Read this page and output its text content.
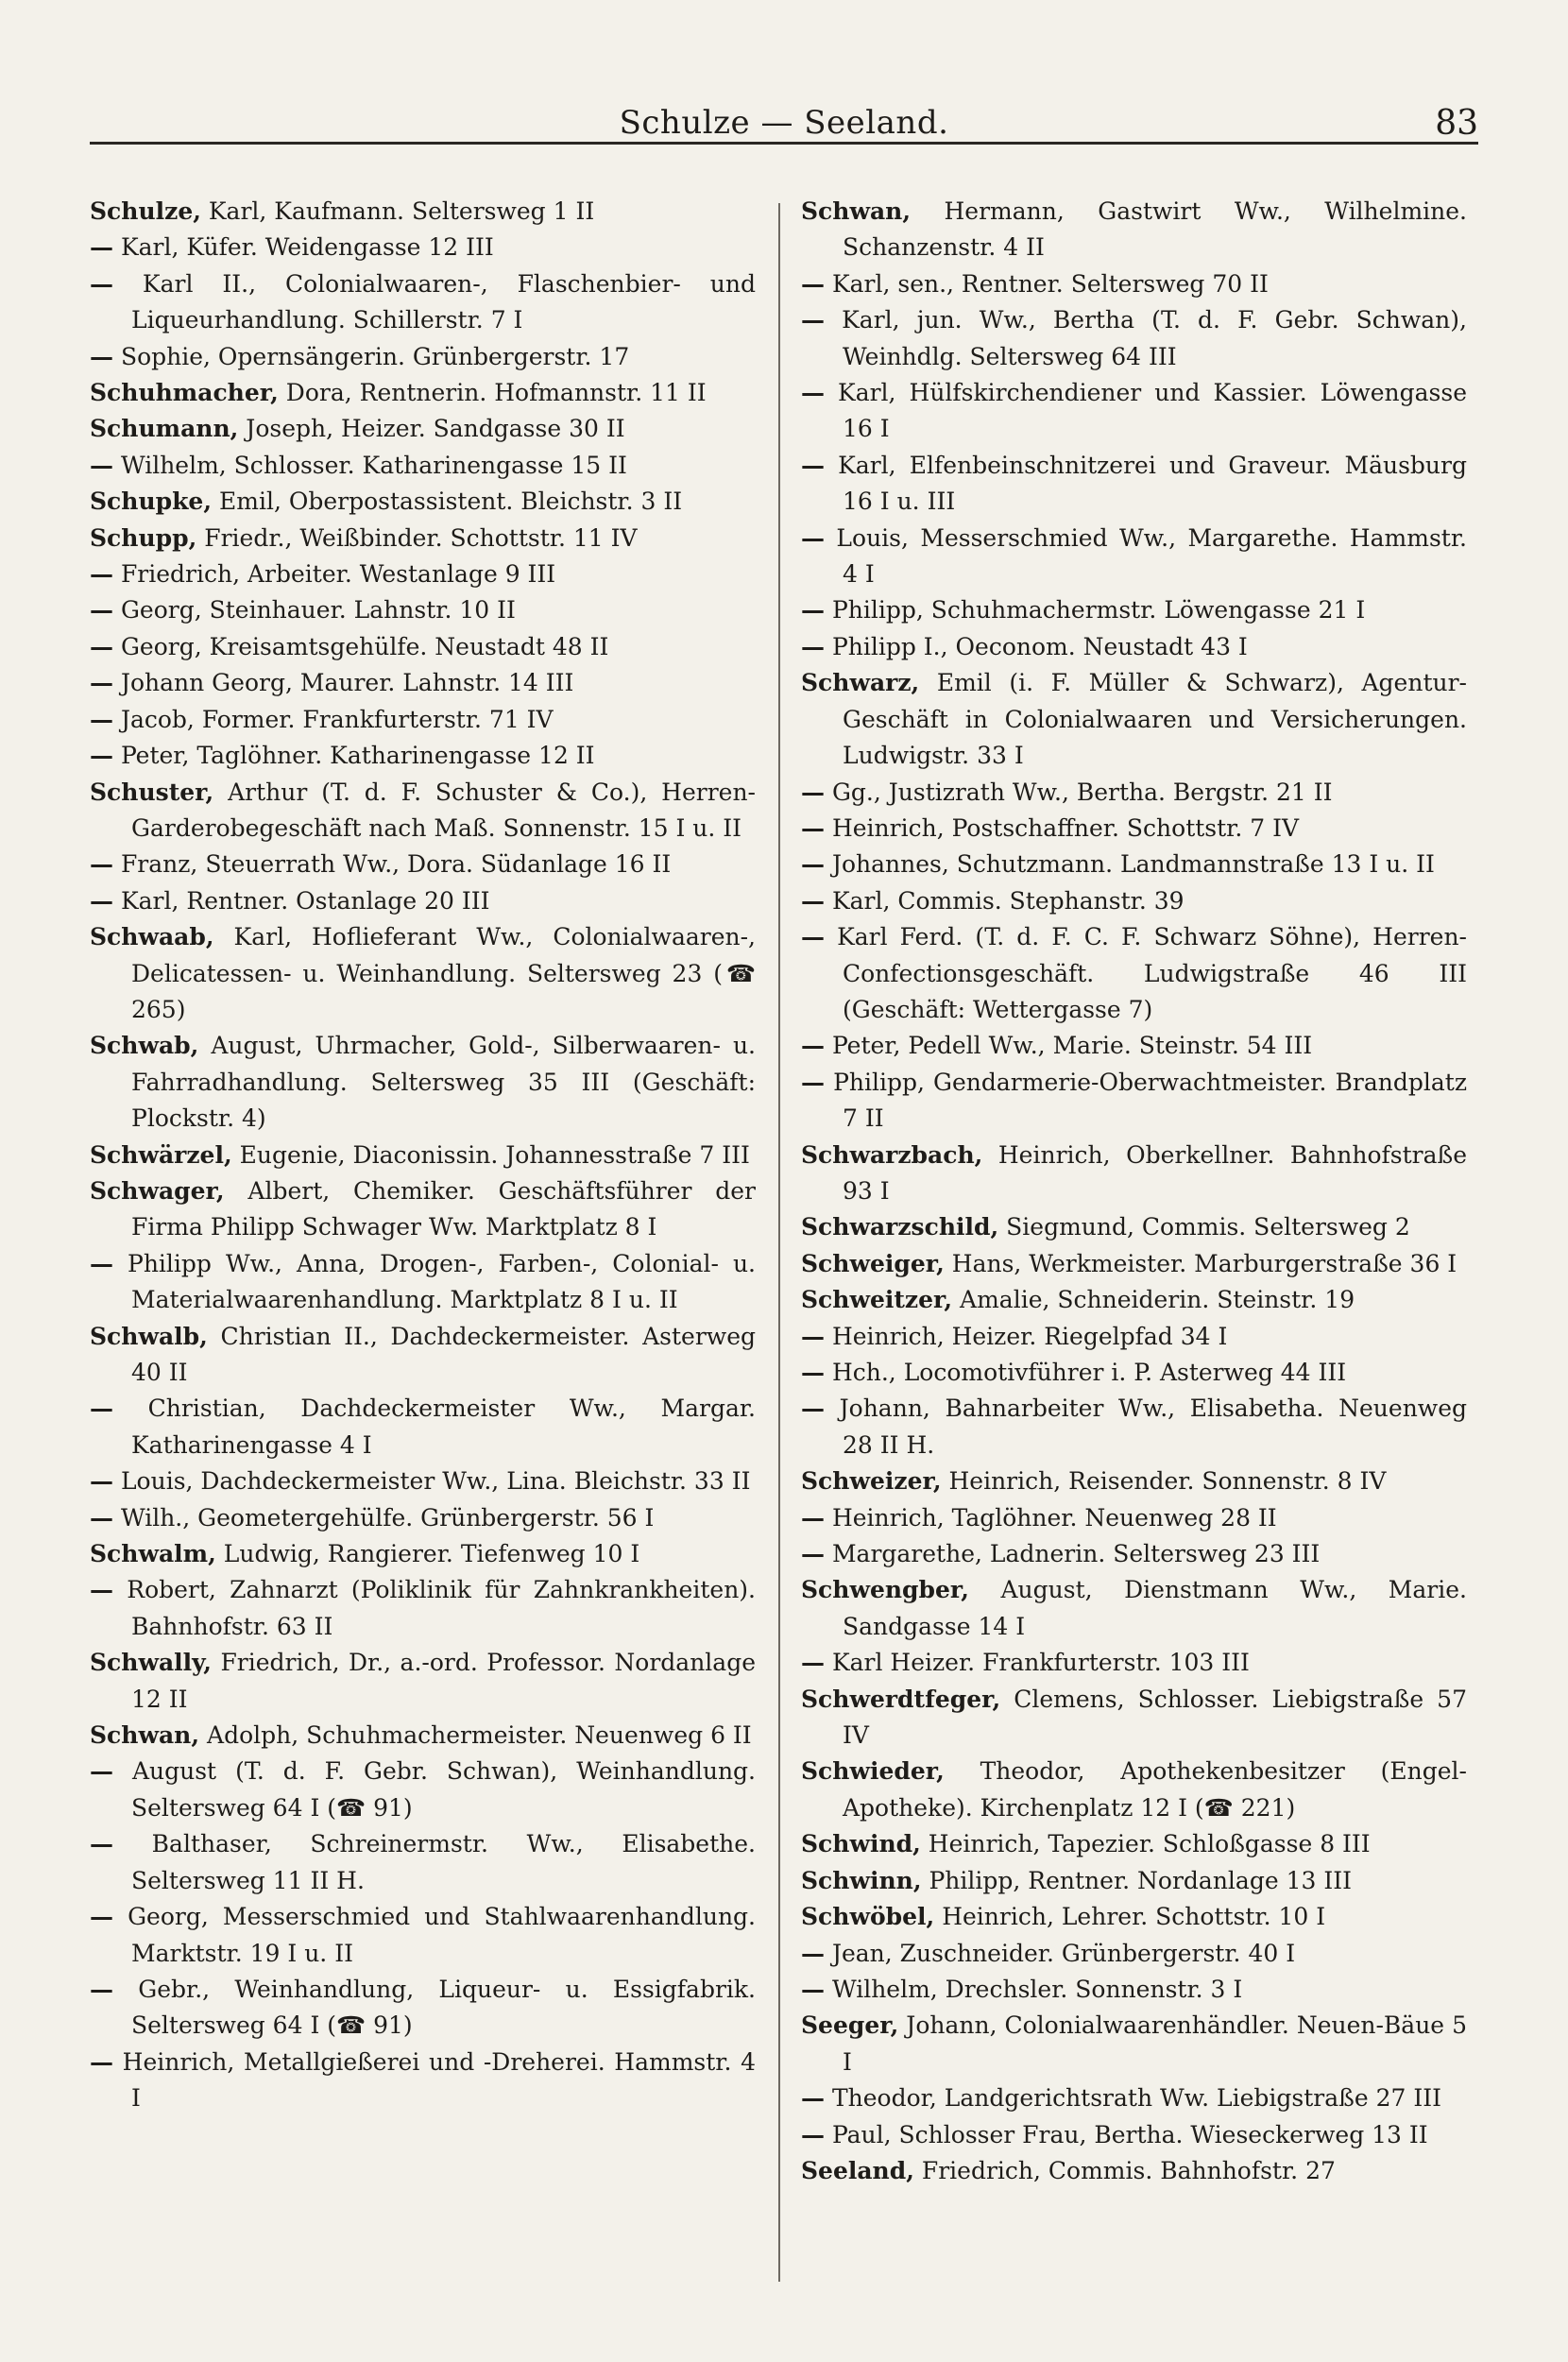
Schulze — Seeland.	83
Schulze, Karl, Kaufmann. Seltersweg 1 II
— Karl, Küfer. Weidengasse 12 III
— Karl II., Colonialwaaren-, Flaschenbier- und Liqueurhandlung. Schillerstr. 7 I
— Sophie, Opernsängerin. Grünbergerstr. 17
Schuhmacher, Dora, Rentnerin. Hofmannstr. 11 II
Schumann, Joseph, Heizer. Sandgasse 30 II
— Wilhelm, Schlosser. Katharinengasse 15 II
Schupke, Emil, Oberpostassistent. Bleichstr. 3 II
Schupp, Friedr., Weißbinder. Schottstr. 11 IV
— Friedrich, Arbeiter. Westanlage 9 III
— Georg, Steinhauer. Lahnstr. 10 II
— Georg, Kreisamtsgehülfe. Neustadt 48 II
— Johann Georg, Maurer. Lahnstr. 14 III
— Jacob, Former. Frankfurterstr. 71 IV
— Peter, Taglöhner. Katharinengasse 12 II
Schuster, Arthur (T. d. F. Schuster & Co.), Herren-Garderobegeschäft nach Maß. Sonnenstr. 15 I u. II
— Franz, Steuerrath Ww., Dora. Südanlage 16 II
— Karl, Rentner. Ostanlage 20 III
Schwaab, Karl, Hoflieferant Ww., Colonialwaaren-, Delicatessen- u. Weinhandlung. Seltersweg 23 (☎ 265)
Schwab, August, Uhrmacher, Gold-, Silberwaaren- u. Fahrradhandlung. Seltersweg 35 III (Geschäft: Plockstr. 4)
Schwärzel, Eugenie, Diaconissin. Johannesstraße 7 III
Schwager, Albert, Chemiker. Geschäftsführer der Firma Philipp Schwager Ww. Marktplatz 8 I
— Philipp Ww., Anna, Drogen-, Farben-, Colonial- u. Materialwaarenhandlung. Marktplatz 8 I u. II
Schwalb, Christian II., Dachdeckermeister. Asterweg 40 II
— Christian, Dachdeckermeister Ww., Margar. Katharinengasse 4 I
— Louis, Dachdeckermeister Ww., Lina. Bleichstr. 33 II
— Wilh., Geometergehülfe. Grünbergerstr. 56 I
Schwalm, Ludwig, Rangierer. Tiefenweg 10 I
— Robert, Zahnarzt (Poliklinik für Zahnkrankheiten). Bahnhofstr. 63 II
Schwally, Friedrich, Dr., a.-ord. Professor. Nordanlage 12 II
Schwan, Adolph, Schuhmachermeister. Neuenweg 6 II
— August (T. d. F. Gebr. Schwan), Weinhandlung. Seltersweg 64 I (☎ 91)
— Balthaser, Schreinermstr. Ww., Elisabethe. Seltersweg 11 II H.
— Georg, Messerschmied und Stahlwaarenhandlung. Marktstr. 19 I u. II
— Gebr., Weinhandlung, Liqueur- u. Essigfabrik. Seltersweg 64 I (☎ 91)
— Heinrich, Metallgießerei und -Dreherei. Hammstr. 4 I
Schwan, Hermann, Gastwirt Ww., Wilhelmine. Schanzenstr. 4 II
— Karl, sen., Rentner. Seltersweg 70 II
— Karl, jun. Ww., Bertha (T. d. F. Gebr. Schwan), Weinhdlg. Seltersweg 64 III
— Karl, Hülfskirchendiener und Kassier. Löwengasse 16 I
— Karl, Elfenbeinschnitzerei und Graveur. Mäusburg 16 I u. III
— Louis, Messerschmied Ww., Margarethe. Hammstr. 4 I
— Philipp, Schuhmachermstr. Löwengasse 21 I
— Philipp I., Oeconom. Neustadt 43 I
Schwarz, Emil (i. F. Müller & Schwarz), Agentur-Geschäft in Colonialwaaren und Versicherungen. Ludwigstr. 33 I
— Gg., Justizrath Ww., Bertha. Bergstr. 21 II
— Heinrich, Postschaffner. Schottstr. 7 IV
— Johannes, Schutzmann. Landmannstraße 13 I u. II
— Karl, Commis. Stephanstr. 39
— Karl Ferd. (T. d. F. C. F. Schwarz Söhne), Herren-Confectionsgeschäft. Ludwigstraße 46 III (Geschäft: Wettergasse 7)
— Peter, Pedell Ww., Marie. Steinstr. 54 III
— Philipp, Gendarmerie-Oberwachtmeister. Brandplatz 7 II
Schwarzbach, Heinrich, Oberkellner. Bahnhofstraße 93 I
Schwarzschild, Siegmund, Commis. Seltersweg 2
Schweiger, Hans, Werkmeister. Marburgerstraße 36 I
Schweitzer, Amalie, Schneiderin. Steinstr. 19
— Heinrich, Heizer. Riegelpfad 34 I
— Hch., Locomotivführer i. P. Asterweg 44 III
— Johann, Bahnarbeiter Ww., Elisabetha. Neuenweg 28 II H.
Schweizer, Heinrich, Reisender. Sonnenstr. 8 IV
— Heinrich, Taglöhner. Neuenweg 28 II
— Margarethe, Ladnerin. Seltersweg 23 III
Schwengber, August, Dienstmann Ww., Marie. Sandgasse 14 I
— Karl Heizer. Frankfurterstr. 103 III
Schwerdtfeger, Clemens, Schlosser. Liebigstraße 57 IV
Schwieder, Theodor, Apothekenbesitzer (Engel-Apotheke). Kirchenplatz 12 I (☎ 221)
Schwind, Heinrich, Tapezier. Schloßgasse 8 III
Schwinn, Philipp, Rentner. Nordanlage 13 III
Schwöbel, Heinrich, Lehrer. Schottstr. 10 I
— Jean, Zuschneider. Grünbergerstr. 40 I
— Wilhelm, Drechsler. Sonnenstr. 3 I
Seeger, Johann, Colonialwaarenhändler. Neuen-Bäue 5 I
— Theodor, Landgerichtsrath Ww. Liebigstraße 27 III
— Paul, Schlosser Frau, Bertha. Wieseckerweg 13 II
Seeland, Friedrich, Commis. Bahnhofstr. 27
